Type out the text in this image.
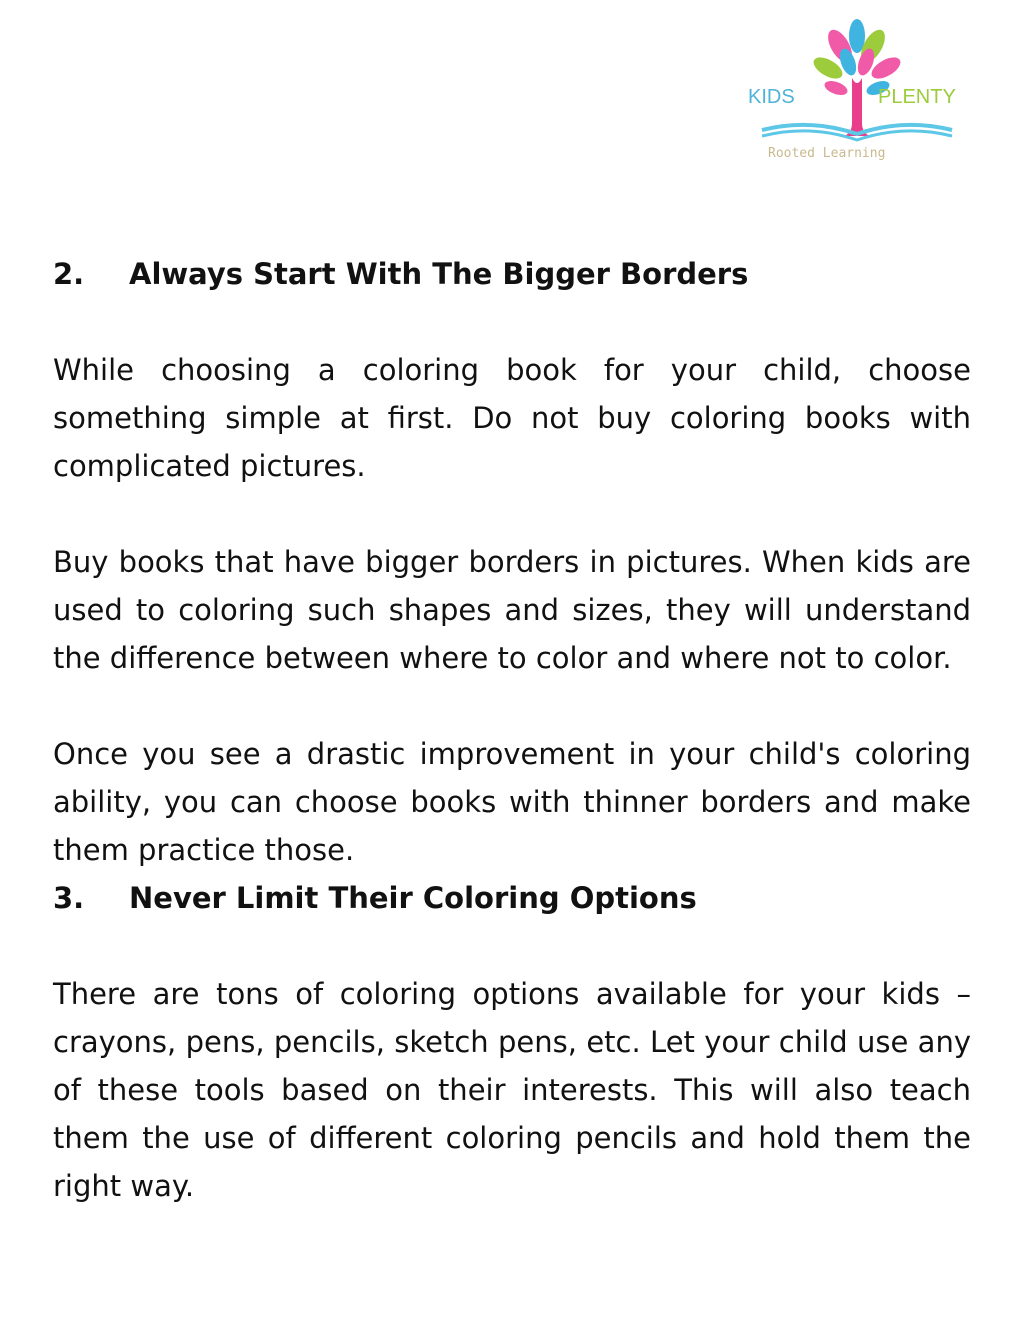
KIDS	PLENTY
Rooted Learning
2.	Always Start With The Bigger Borders

While choosing a coloring book for your child, choose something simple at first. Do not buy coloring books with complicated pictures.

Buy books that have bigger borders in pictures. When kids are used to coloring such shapes and sizes, they will understand the difference between where to color and where not to color.

Once you see a drastic improvement in your child's coloring ability, you can choose books with thinner borders and make them practice those.

3.	Never Limit Their Coloring Options

There are tons of coloring options available for your kids – crayons, pens, pencils, sketch pens, etc. Let your child use any of these tools based on their interests. This will also teach them the use of different coloring pencils and hold them the right way.
